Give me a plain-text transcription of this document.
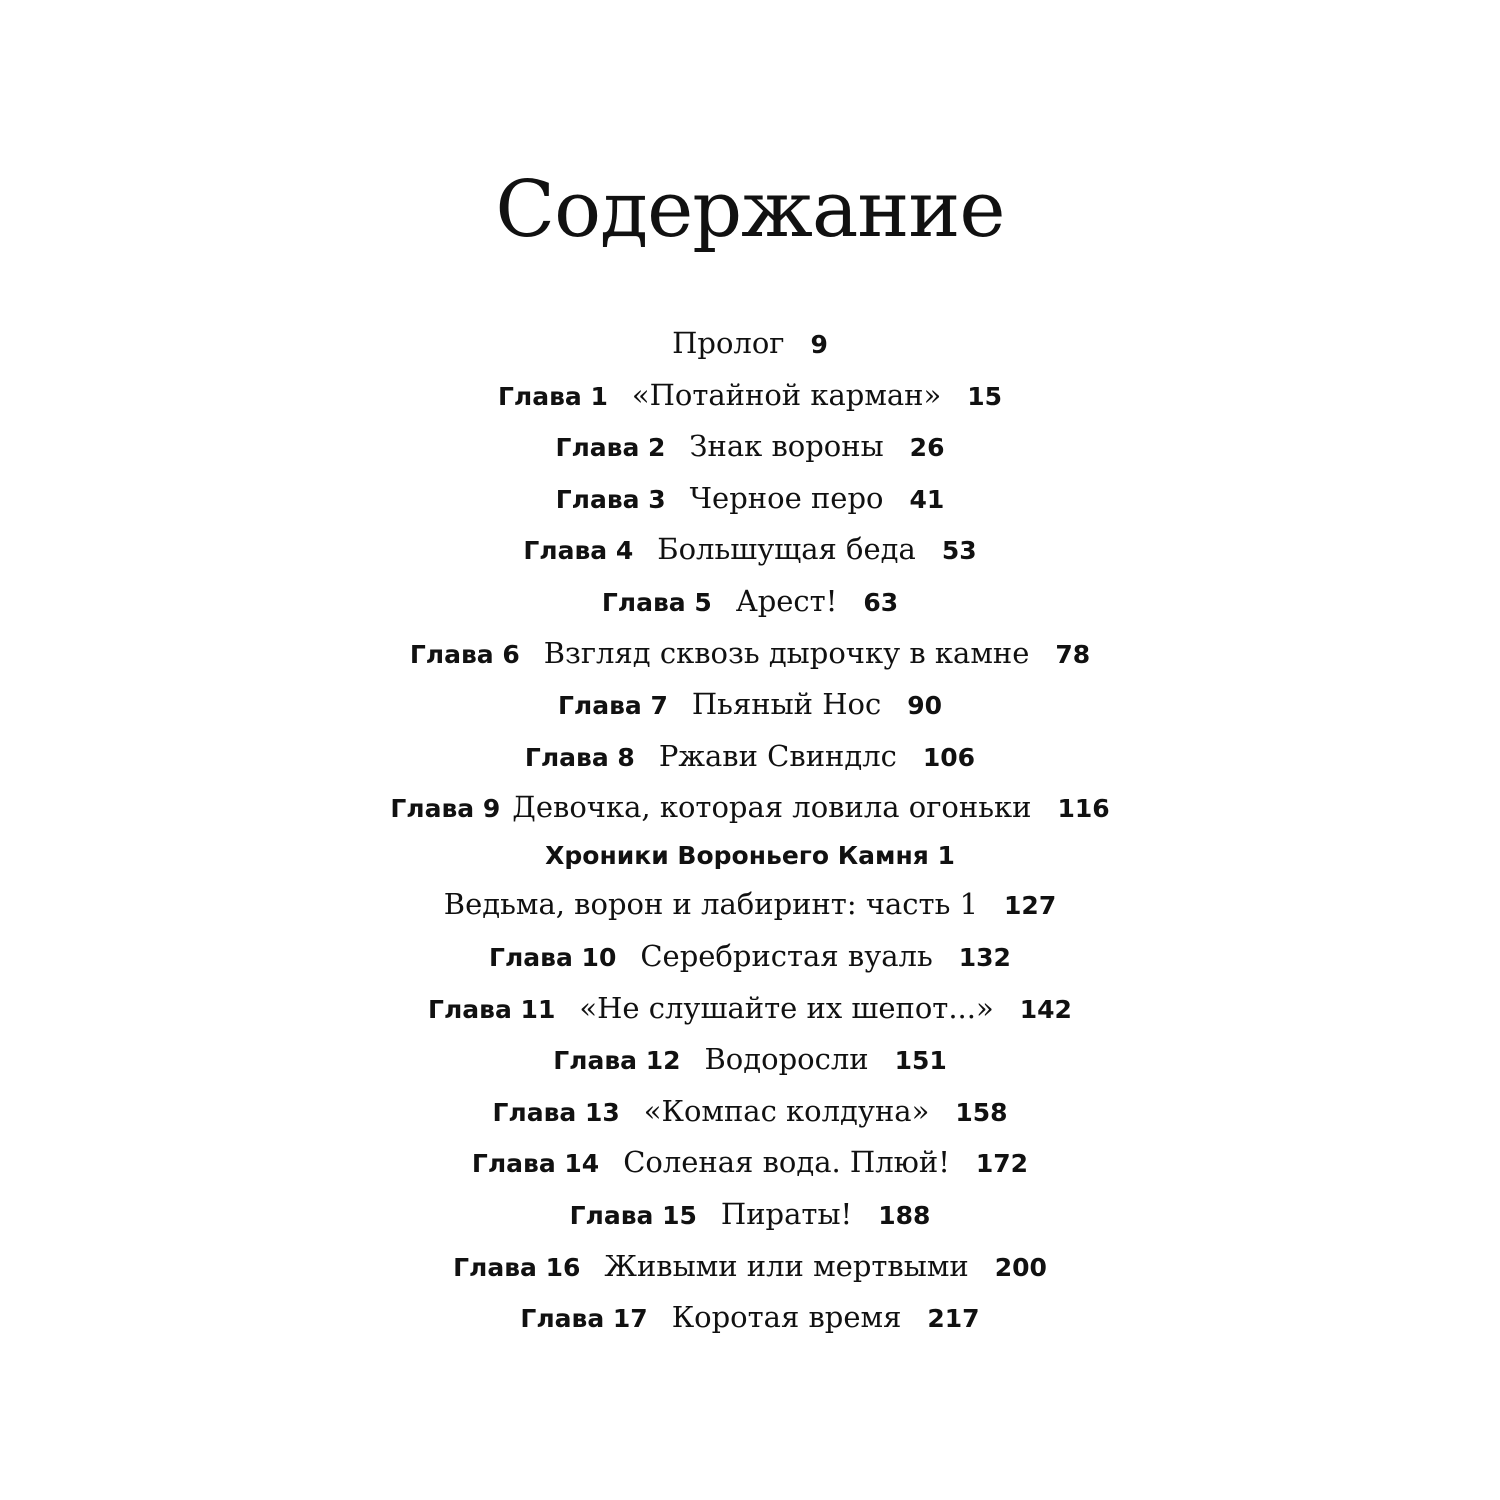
Содержание
Пролог 9
Глава 1 «Потайной карман» 15
Глава 2 Знак вороны 26
Глава 3 Черное перо 41
Глава 4 Большущая беда 53
Глава 5 Арест! 63
Глава 6 Взгляд сквозь дырочку в камне 78
Глава 7 Пьяный Нос 90
Глава 8 Ржави Свиндлс 106
Глава 9 Девочка, которая ловила огоньки 116
Хроники Вороньего Камня 1
Ведьма, ворон и лабиринт: часть 1 127
Глава 10 Серебристая вуаль 132
Глава 11 «Не слушайте их шепот...» 142
Глава 12 Водоросли 151
Глава 13 «Компас колдуна» 158
Глава 14 Соленая вода. Плюй! 172
Глава 15 Пираты! 188
Глава 16 Живыми или мертвыми 200
Глава 17 Коротая время 217
